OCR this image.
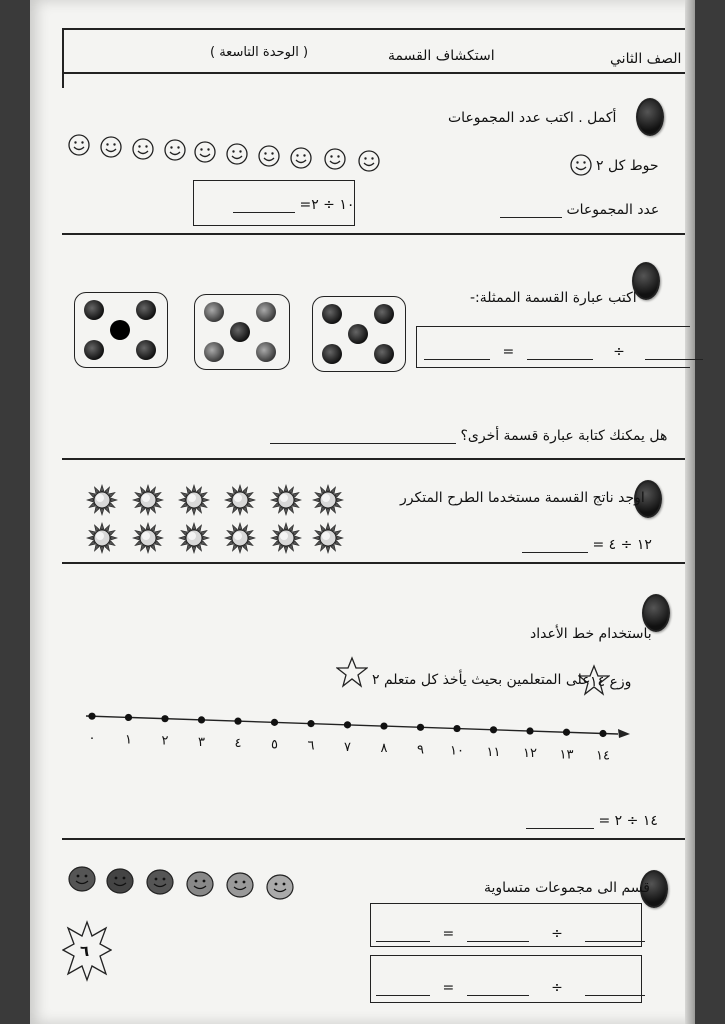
الصف الثاني
استكشاف القسمة
( الوحدة التاسعة )
أكمل . اكتب عدد المجموعات
حوط كل ٢
١٠ ÷ ٢=	عدد المجموعات
اكتب عبارة القسمة الممثلة:-
=	÷
هل يمكنك كتابة عبارة قسمة أخرى؟
اوجد ناتج القسمة مستخدما الطرح المتكرر
١٢ ÷ ٤ =
باستخدام خط الأعداد
وزع ١٤
على المتعلمين بحيث يأخذ كل متعلم ٢
٠ ١ ٢ ٣ ٤ ٥ ٦ ٧ ٨ ٩ ١٠ ١١ ١٢ ١٣ ١٤
١٤ ÷ ٢ =
قسم الى مجموعات متساوية
=	÷
=	÷
٦
